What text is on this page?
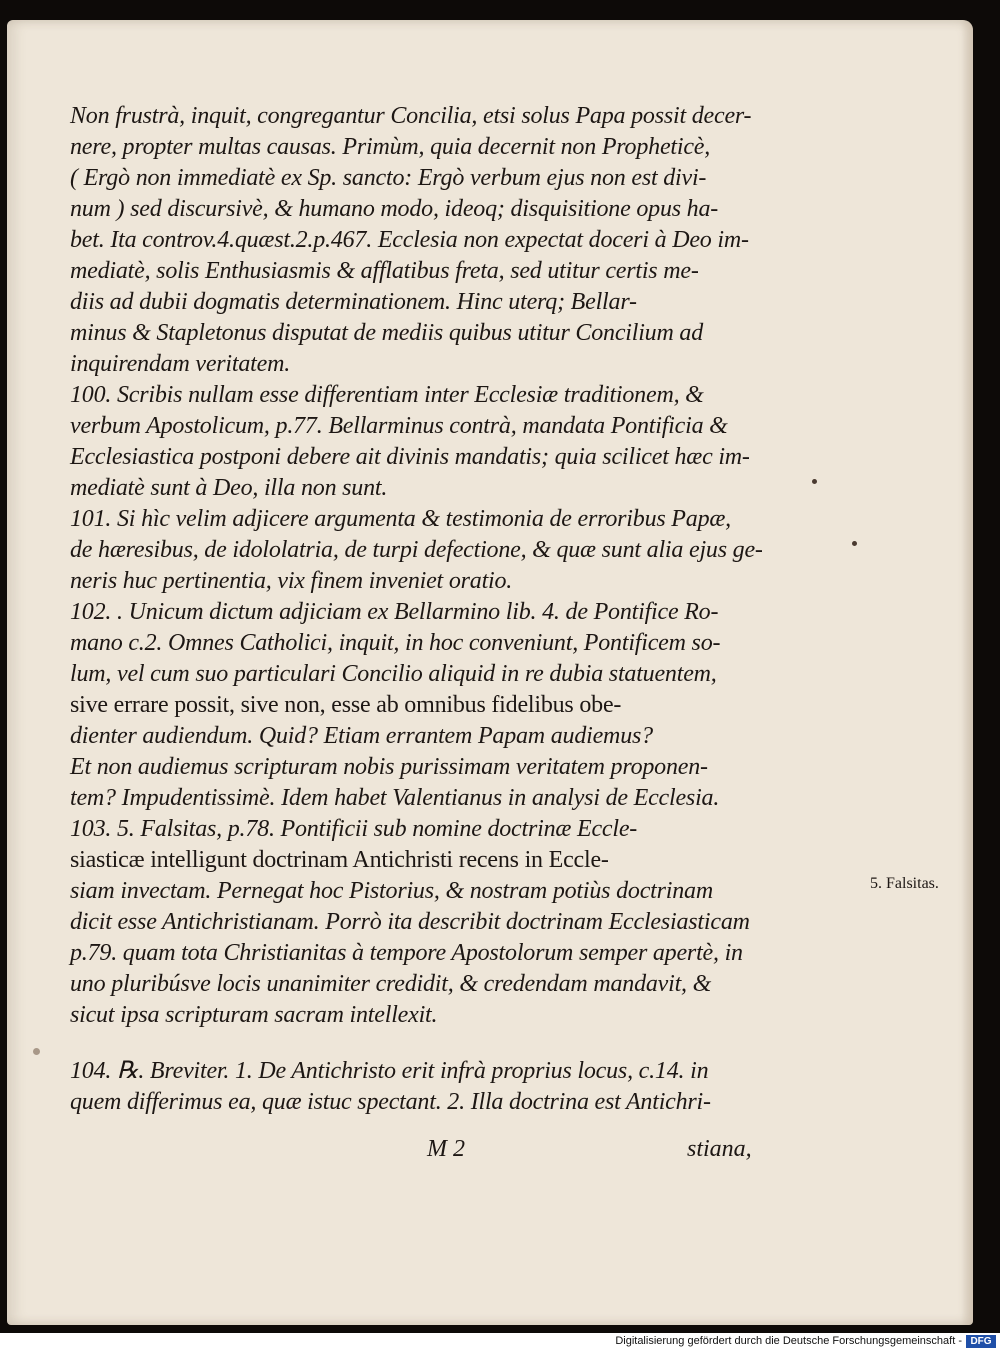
Non frustrà, inquit, congregantur Concilia, etsi solus Papa possit decer-
nere, propter multas causas. Primùm, quia decernit non Propheticè,
( Ergò non immediatè ex Sp. sancto: Ergò verbum ejus non est divi-
num ) sed discursivè, & humano modo, ideoq; disquisitione opus ha-
bet. Ita controv.4.quæst.2.p.467. Ecclesia non expectat doceri à Deo im-
mediatè, solis Enthusiasmis & afflatibus freta, sed utitur certis me-
diis ad dubii dogmatis determinationem. Hinc uterq; Bellar-
minus & Stapletonus disputat de mediis quibus utitur Concilium ad
inquirendam veritatem.
100. Scribis nullam esse differentiam inter Ecclesiæ traditionem, &
verbum Apostolicum, p.77. Bellarminus contrà, mandata Pontificia &
Ecclesiastica postponi debere ait divinis mandatis; quia scilicet hæc im-
mediatè sunt à Deo, illa non sunt.
101. Si hìc velim adjicere argumenta & testimonia de erroribus Papæ,
de hæresibus, de idololatria, de turpi defectione, & quæ sunt alia ejus ge-
neris huc pertinentia, vix finem inveniet oratio.
102. . Unicum dictum adjiciam ex Bellarmino lib. 4. de Pontifice Ro-
mano c.2. Omnes Catholici, inquit, in hoc conveniunt, Pontificem so-
lum, vel cum suo particulari Concilio aliquid in re dubia statuentem,
sive errare possit, sive non, esse ab omnibus fidelibus obe-
dienter audiendum. Quid? Etiam errantem Papam audiemus?
Et non audiemus scripturam nobis purissimam veritatem proponen-
tem? Impudentissimè. Idem habet Valentianus in analysi de Ecclesia.
103. 5. Falsitas, p.78. Pontificii sub nomine doctrinæ Eccle-
siasticæ intelligunt doctrinam Antichristi recens in Eccle-
siam invectam. Pernegat hoc Pistorius, & nostram potiùs doctrinam
dicit esse Antichristianam. Porrò ita describit doctrinam Ecclesiasticam
p.79. quam tota Christianitas à tempore Apostolorum semper apertè, in
uno pluribúsve locis unanimiter credidit, & credendam mandavit, &
sicut ipsa scripturam sacram intellexit.
104. ℞. Breviter. 1. De Antichristo erit infrà proprius locus, c.14. in
quem differimus ea, quæ istuc spectant. 2. Illa doctrina est Antichri-
5. Falsitas.
M 2	stiana,
Digitalisierung gefördert durch die Deutsche Forschungsgemeinschaft - DFG
